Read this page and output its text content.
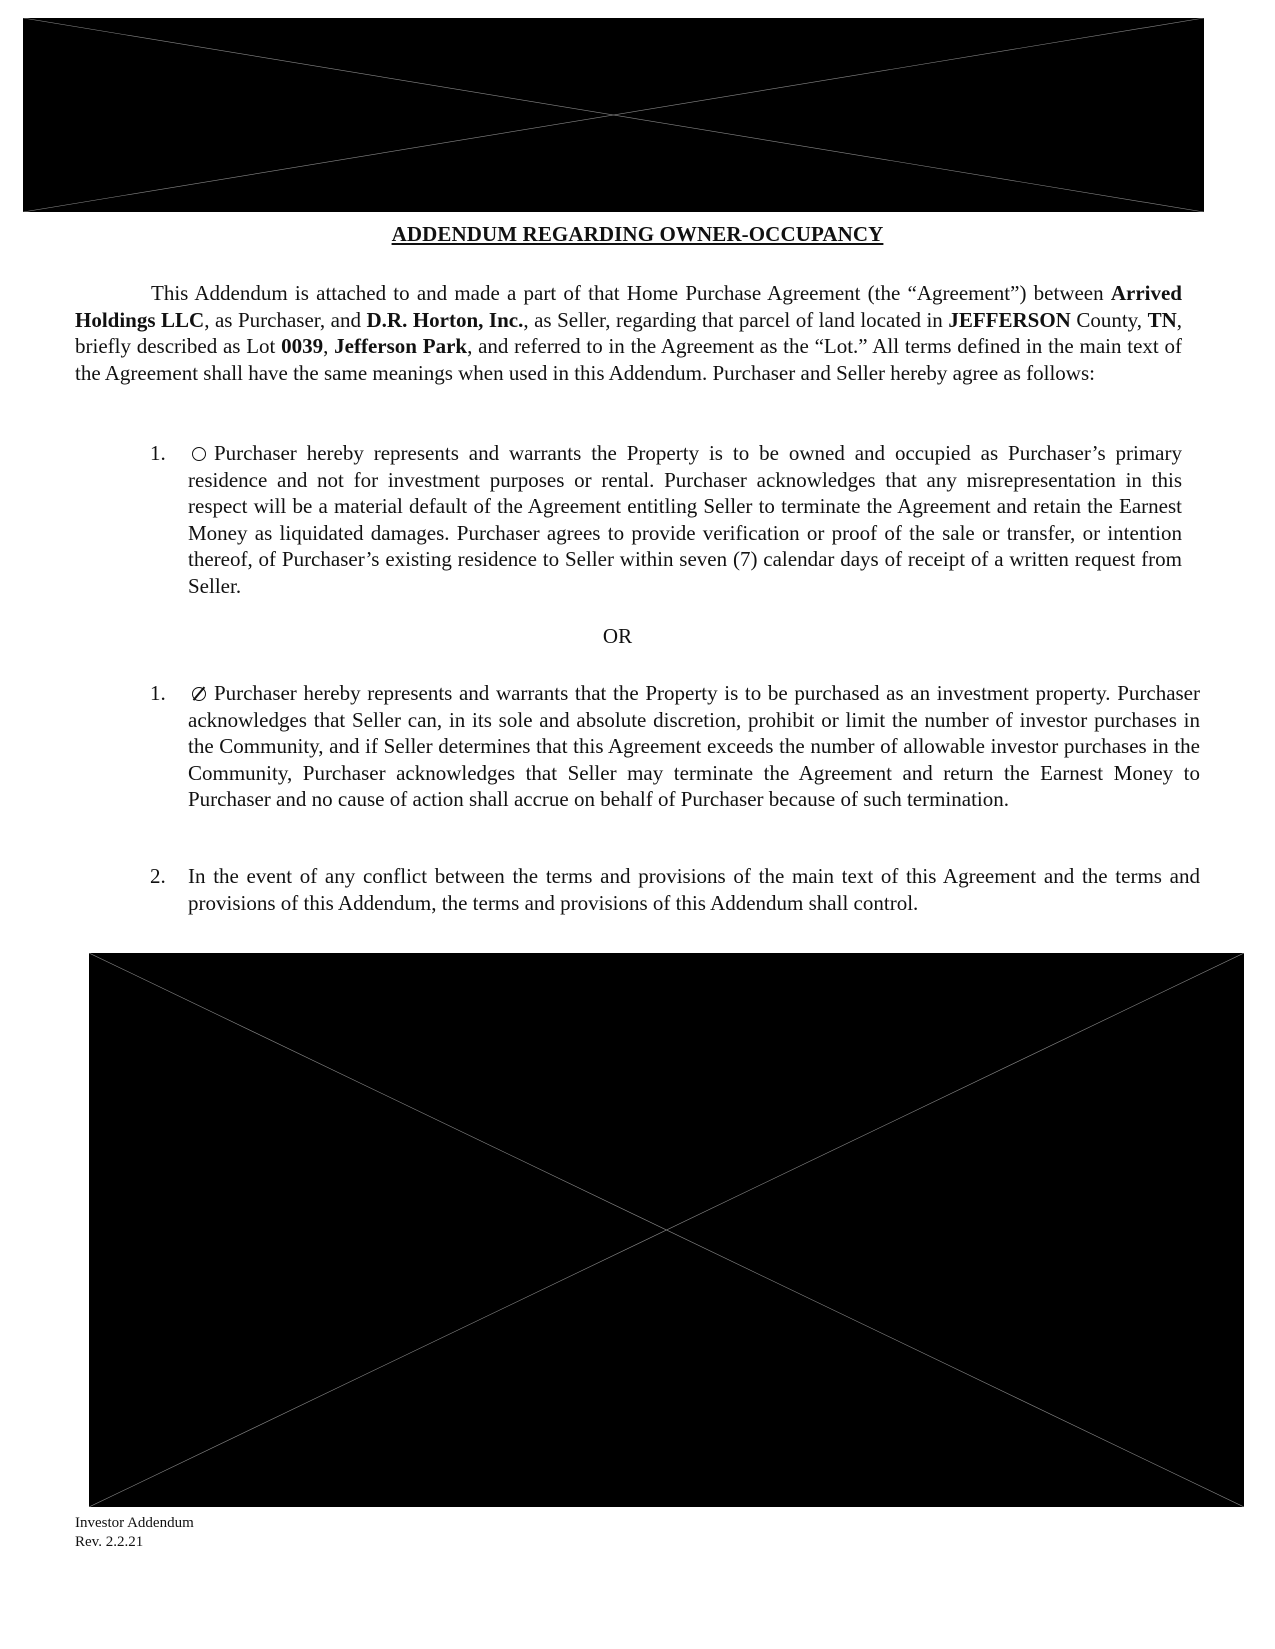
ADDENDUM REGARDING OWNER-OCCUPANCY
This Addendum is attached to and made a part of that Home Purchase Agreement (the “Agreement”) between Arrived Holdings LLC, as Purchaser, and D.R. Horton, Inc., as Seller, regarding that parcel of land located in JEFFERSON County, TN, briefly described as Lot 0039, Jefferson Park, and referred to in the Agreement as the “Lot.” All terms defined in the main text of the Agreement shall have the same meanings when used in this Addendum. Purchaser and Seller hereby agree as follows:
1. Purchaser hereby represents and warrants the Property is to be owned and occupied as Purchaser’s primary residence and not for investment purposes or rental. Purchaser acknowledges that any misrepresentation in this respect will be a material default of the Agreement entitling Seller to terminate the Agreement and retain the Earnest Money as liquidated damages. Purchaser agrees to provide verification or proof of the sale or transfer, or intention thereof, of Purchaser’s existing residence to Seller within seven (7) calendar days of receipt of a written request from Seller.
OR
1. Purchaser hereby represents and warrants that the Property is to be purchased as an investment property. Purchaser acknowledges that Seller can, in its sole and absolute discretion, prohibit or limit the number of investor purchases in the Community, and if Seller determines that this Agreement exceeds the number of allowable investor purchases in the Community, Purchaser acknowledges that Seller may terminate the Agreement and return the Earnest Money to Purchaser and no cause of action shall accrue on behalf of Purchaser because of such termination.
2. In the event of any conflict between the terms and provisions of the main text of this Agreement and the terms and provisions of this Addendum, the terms and provisions of this Addendum shall control.
Investor Addendum
Rev. 2.2.21
